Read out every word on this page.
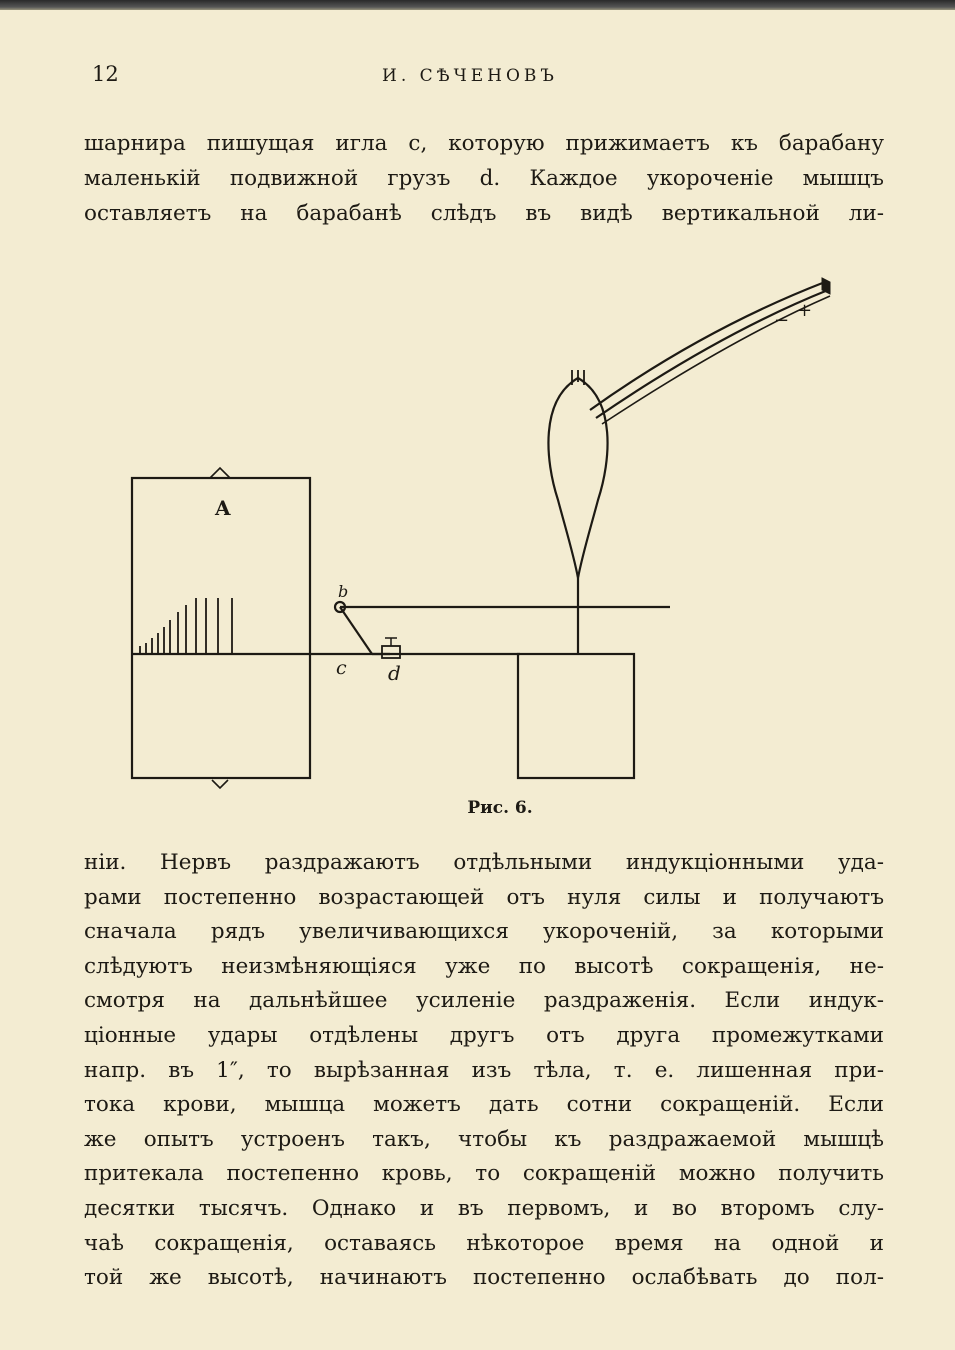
12	И. СѢЧЕНОВЪ

шарнира пишущая игла c, которую прижимаетъ къ барабану
маленькій подвижной грузъ d. Каждое укороченіе мышцъ
оставляетъ на барабанѣ слѣдъ въ видѣ вертикальной ли-

A
b
c d
− +
Рис. 6.

ніи. Нервъ раздражаютъ отдѣльными индукціонными уда-
рами постепенно возрастающей отъ нуля силы и получаютъ
сначала рядъ увеличивающихся укороченій, за которыми
слѣдуютъ неизмѣняющіяся уже по высотѣ сокращенія, не-
смотря на дальнѣйшее усиленіе раздраженія. Если индук-
ціонные удары отдѣлены другъ отъ друга промежутками
напр. въ 1″, то вырѣзанная изъ тѣла, т. е. лишенная при-
тока крови, мышца можетъ дать сотни сокращеній. Если
же опытъ устроенъ такъ, чтобы къ раздражаемой мышцѣ
притекала постепенно кровь, то сокращеній можно получить
десятки тысячъ. Однако и въ первомъ, и во второмъ слу-
чаѣ сокращенія, оставаясь нѣкоторое время на одной и
той же высотѣ, начинаютъ постепенно ослабѣвать до пол-
